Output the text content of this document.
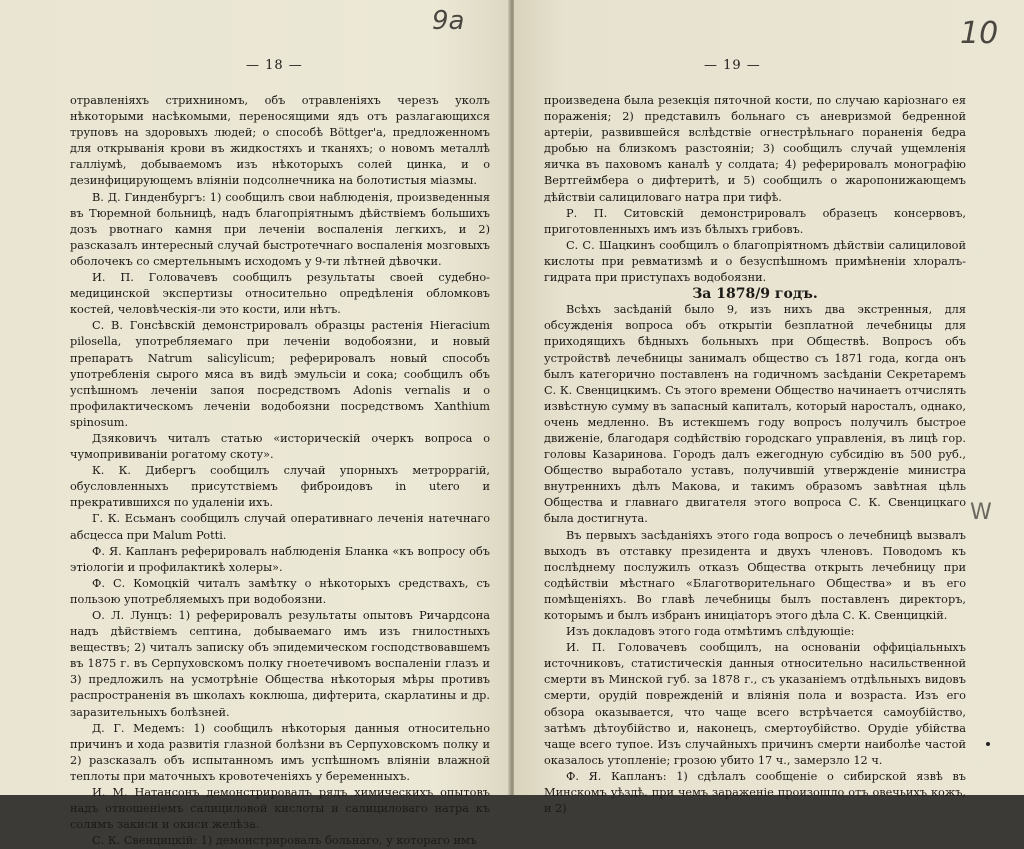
— 18 —

отравленіяхъ стрихниномъ, объ отравленіяхъ черезъ уколъ нѣкоторыми насѣкомыми, переносящими ядъ отъ разлагающихся труповъ на здоровыхъ людей; о способѣ Böttger'а, предложенномъ для открыванія крови въ жидкостяхъ и тканяхъ; о новомъ металлѣ галліумѣ, добываемомъ изъ нѣкоторыхъ солей цинка, и о дезинфицирующемъ вліяніи подсолнечника на болотистыя міазмы.

В. Д. Гинденбургъ: 1) сообщилъ свои наблюденія, произведенныя въ Тюремной больницѣ, надъ благопріятнымъ дѣйствіемъ большихъ дозъ рвотнаго камня при леченіи воспаленія легкихъ, и 2) разсказалъ интересный случай быстротечнаго воспаленія мозговыхъ оболочекъ со смертельнымъ исходомъ у 9-ти лѣтней дѣвочки.

И. П. Головачевъ сообщилъ результаты своей судебно-медицинской экспертизы относительно опредѣленія обломковъ костей, человѣческія-ли это кости, или нѣтъ.

С. В. Гонсѣвскій демонстрировалъ образцы растенія Hieracium pilosella, употребляемаго при леченіи водобоязни, и новый препаратъ Natrum salicylicum; реферировалъ новый способъ употребленія сырого мяса въ видѣ эмульсіи и сока; сообщилъ объ успѣшномъ леченіи запоя посредствомъ Adonis vernalis и о профилактическомъ леченіи водобоязни посредствомъ Xanthium spinosum.

Дзяковичъ читалъ статью «историческій очеркъ вопроса о чумопрививаніи рогатому скоту».

К. К. Дибергъ сообщилъ случай упорныхъ метроррагій, обусловленныхъ присутствіемъ фиброидовъ in utero и прекратившихся по удаленіи ихъ.

Г. К. Есьманъ сообщилъ случай оперативнаго леченія натечнаго абсцесса при Malum Potti.

Ф. Я. Капланъ реферировалъ наблюденія Бланка «къ вопросу объ этіологіи и профилактикѣ холеры».

Ф. С. Комоцкій читалъ замѣтку о нѣкоторыхъ средствахъ, съ пользою употребляемыхъ при водобоязни.

О. Л. Лунцъ: 1) реферировалъ результаты опытовъ Ричардсона надъ дѣйствіемъ септина, добываемаго имъ изъ гнилостныхъ веществъ; 2) читалъ записку объ эпидемическом господствовавшемъ въ 1875 г. въ Серпуховскомъ полку гноетечивомъ воспаленіи глазъ и 3) предложилъ на усмотрѣніе Общества нѣкоторыя мѣры противъ распространенія въ школахъ коклюша, дифтерита, скарлатины и др. заразительныхъ болѣзней.

Д. Г. Медемъ: 1) сообщилъ нѣкоторыя данныя относительно причинъ и хода развитія глазной болѣзни въ Серпуховскомъ полку и 2) разсказалъ объ испытанномъ имъ успѣшномъ вліяніи влажной теплоты при маточныхъ кровотеченіяхъ у беременныхъ.

И. М. Натансонъ демонстрировалъ рядъ химическихъ опытовъ надъ отношеніемъ салициловой кислоты и салициловаго натра къ солямъ закиси и окиси желѣза.

С. К. Свенцицкій: 1) демонстрировалъ больнаго, у котораго имъ

9a
— 19 —

произведена была резекція пяточной кости, по случаю каріознаго ея пораженія; 2) представилъ больнаго съ аневризмой бедренной артеріи, развившейся вслѣдствіе огнестрѣльнаго пораненія бедра дробью на близкомъ разстояніи; 3) сообщилъ случай ущемленія яичка въ паховомъ каналѣ у солдата; 4) реферировалъ монографію Вертгеймбера о дифтеритѣ, и 5) сообщилъ о жаропонижающемъ дѣйствіи салициловаго натра при тифѣ.

Р. П. Ситовскій демонстрировалъ образецъ консервовъ, приготовленныхъ имъ изъ бѣлыхъ грибовъ.

С. С. Шацкинъ сообщилъ о благопріятномъ дѣйствіи салициловой кислоты при ревматизмѣ и о безуспѣшномъ примѣненіи хлоралъ-гидрата при приступахъ водобоязни.

За 1878/9 годъ.

Всѣхъ засѣданій было 9, изъ нихъ два экстренныя, для обсужденія вопроса объ открытіи безплатной лечебницы для приходящихъ бѣдныхъ больныхъ при Обществѣ. Вопросъ объ устройствѣ лечебницы занималъ общество съ 1871 года, когда онъ былъ категорично поставленъ на годичномъ засѣданіи Секретаремъ С. К. Свенцицкимъ. Съ этого времени Общество начинаетъ отчислять извѣстную сумму въ запасный капиталъ, который наросталъ, однако, очень медленно. Въ истекшемъ году вопросъ получилъ быстрое движеніе, благодаря содѣйствію городскаго управленія, въ лицѣ гор. головы Казаринова. Городъ далъ ежегодную субсидію въ 500 руб., Общество выработало уставъ, получившій утвержденіе министра внутреннихъ дѣлъ Макова, и такимъ образомъ завѣтная цѣль Общества и главнаго двигателя этого вопроса С. К. Свенцицкаго была достигнута.

Въ первыхъ засѣданіяхъ этого года вопросъ о лечебницѣ вызвалъ выходъ въ отставку президента и двухъ членовъ. Поводомъ къ послѣднему послужилъ отказъ Общества открыть лечебницу при содѣйствіи мѣстнаго «Благотворительнаго Общества» и въ его помѣщеніяхъ. Во главѣ лечебницы былъ поставленъ директоръ, которымъ и былъ избранъ иниціаторъ этого дѣла С. К. Свенцицкій.

Изъ докладовъ этого года отмѣтимъ слѣдующіе:

И. П. Головачевъ сообщилъ, на основаніи оффиціальныхъ источниковъ, статистическія данныя относительно насильственной смерти въ Минской губ. за 1878 г., съ указаніемъ отдѣльныхъ видовъ смерти, орудій поврежденій и вліянія пола и возраста. Изъ его обзора оказывается, что чаще всего встрѣчается самоубійство, затѣмъ дѣтоубійство и, наконецъ, смертоубійство. Орудіе убійства чаще всего тупое. Изъ случайныхъ причинъ смерти наиболѣе частой оказалось утопленіе; грозою убито 17 ч., замерзло 12 ч.

Ф. Я. Капланъ: 1) сдѣлалъ сообщеніе о сибирской язвѣ въ Минскомъ уѣздѣ, при чемъ зараженіе произошло отъ овечьихъ кожъ, и 2)

10
W
